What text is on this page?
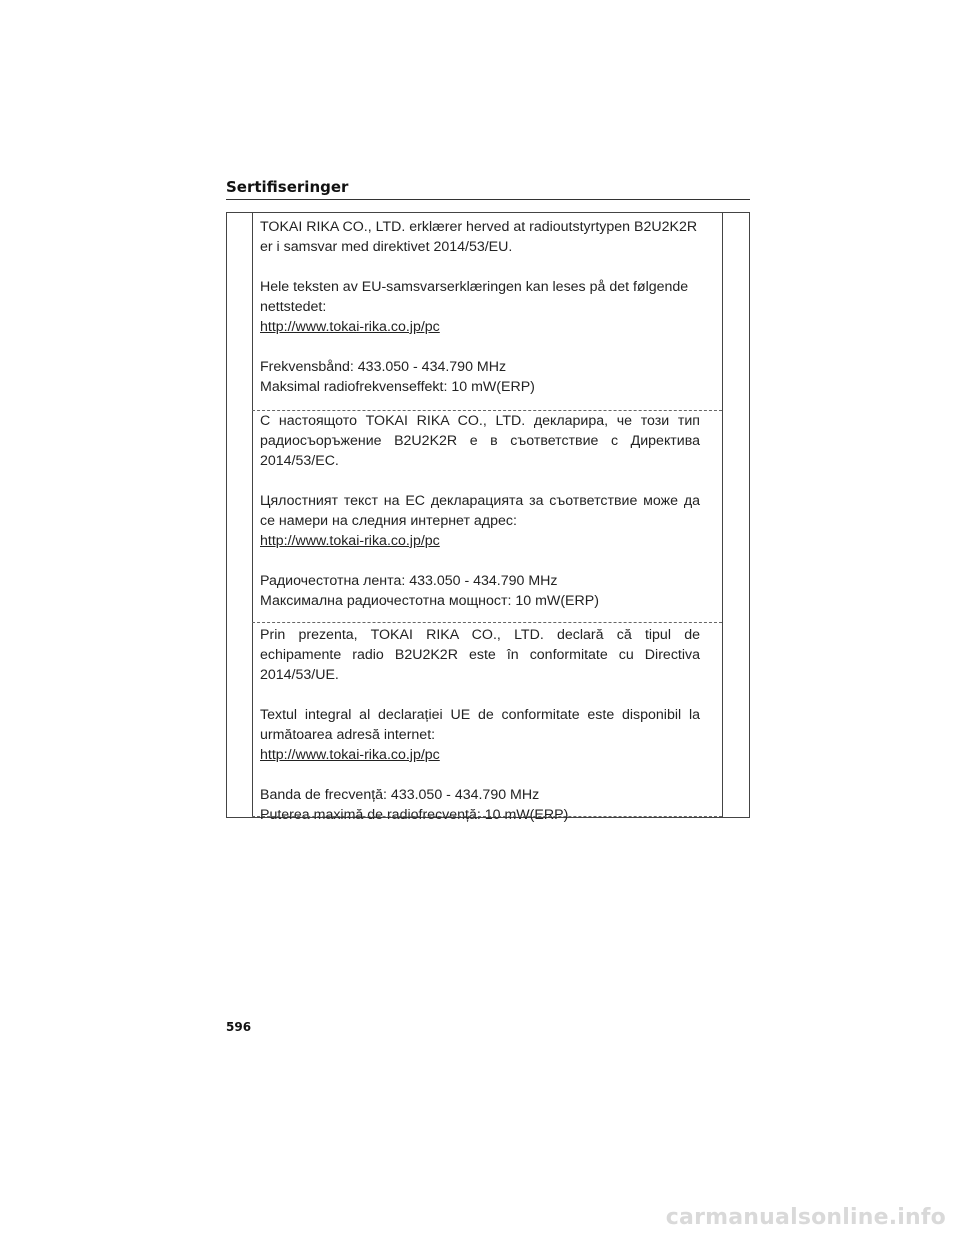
Sertifiseringer

TOKAI RIKA CO., LTD. erklærer herved at radioutstyrtypen B2U2K2R er i samsvar med direktivet 2014/53/EU.

Hele teksten av EU-samsvarserklæringen kan leses på det følgende nettstedet:

http://www.tokai-rika.co.jp/pc

Frekvensbånd: 433.050 - 434.790 MHz

Maksimal radiofrekvenseffekt: 10 mW(ERP)

С настоящото TOKAI RIKA CO., LTD. декларира, че този тип радиосъоръжение B2U2K2R е в съответствие с Директива 2014/53/ЕС.

Цялостният текст на ЕС декларацията за съответствие може да се намери на следния интернет адрес:

http://www.tokai-rika.co.jp/pc

Радиочестотна лента: 433.050 - 434.790 MHz

Максимална радиочестотна мощност: 10 mW(ERP)

Prin prezenta, TOKAI RIKA CO., LTD. declară că tipul de echipamente radio B2U2K2R este în conformitate cu Directiva 2014/53/UE.

Textul integral al declarației UE de conformitate este disponibil la următoarea adresă internet:

http://www.tokai-rika.co.jp/pc

Banda de frecvență: 433.050 - 434.790 MHz

Puterea maximă de radiofrecvență: 10 mW(ERP)

596
carmanualsonline.info
